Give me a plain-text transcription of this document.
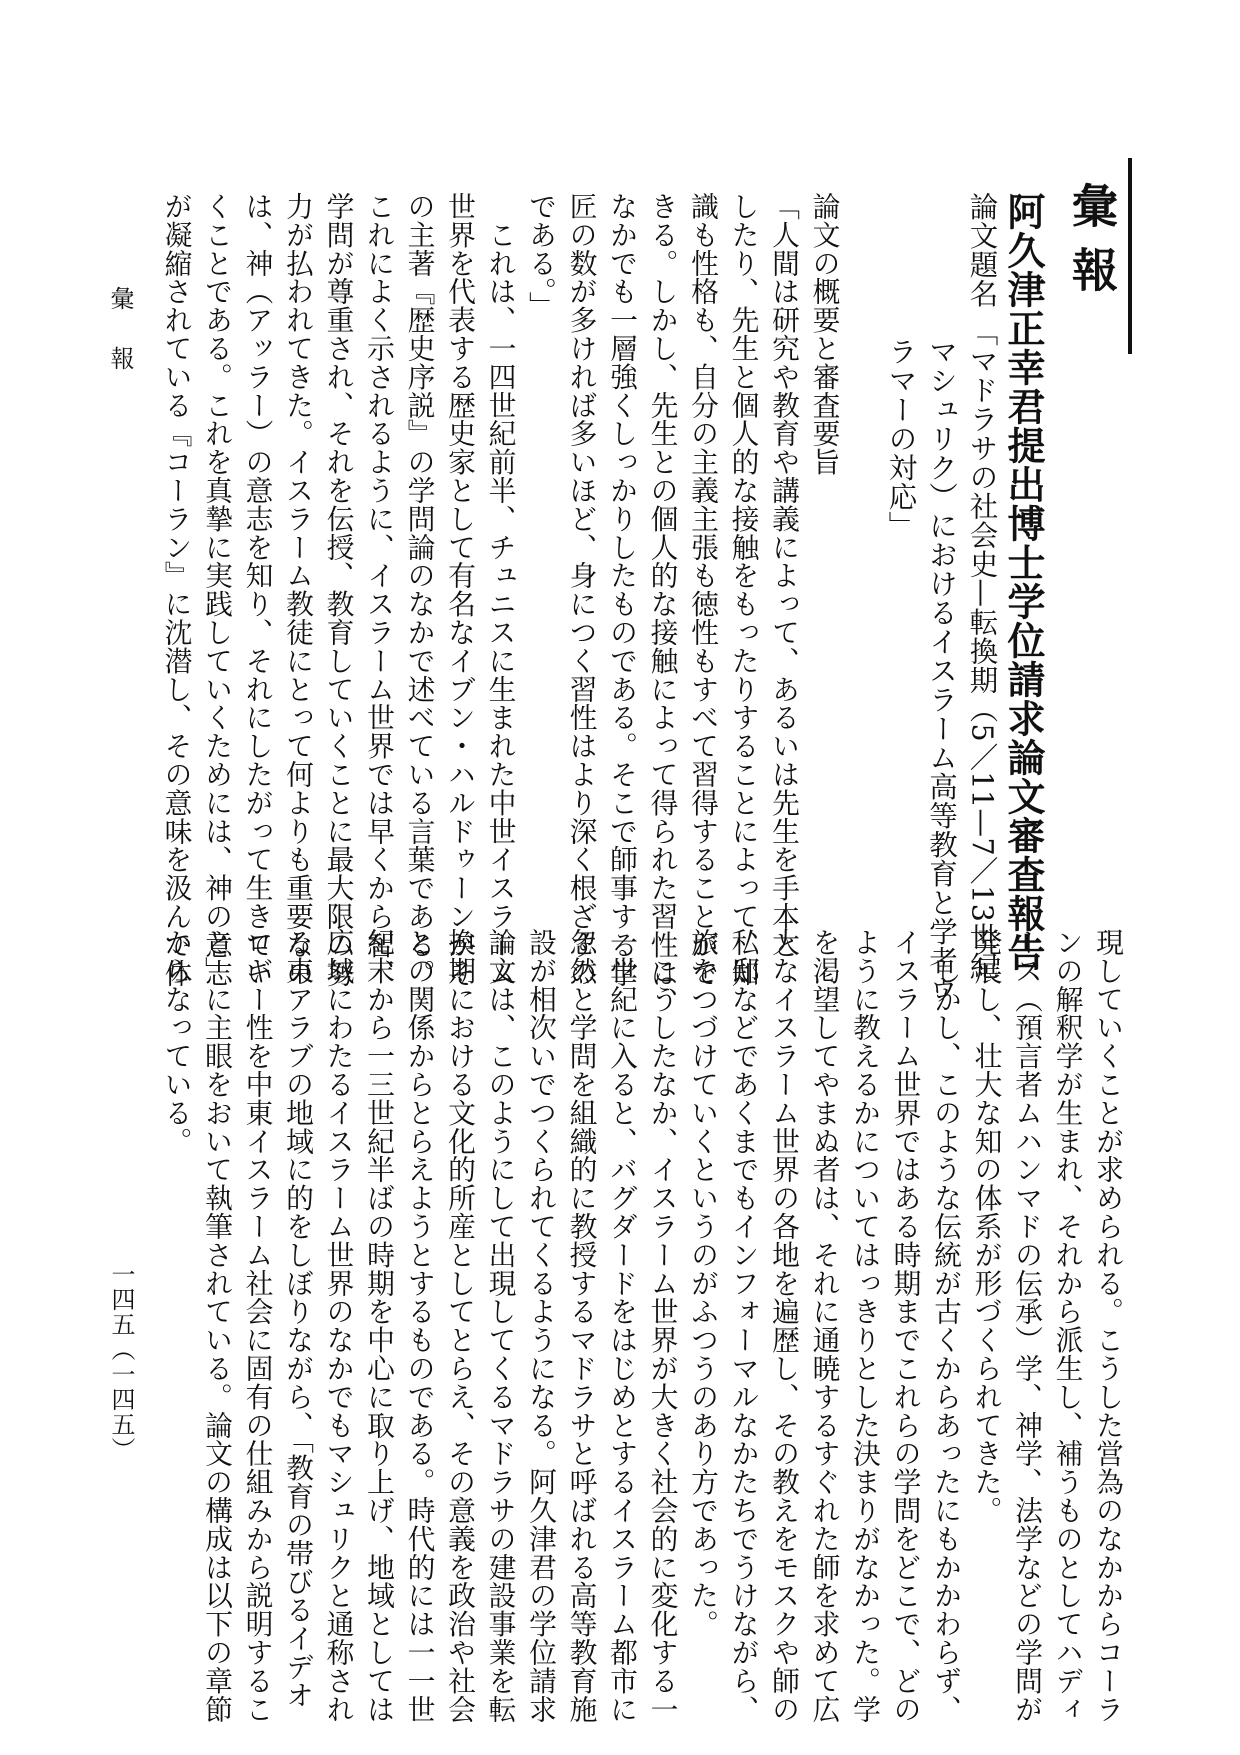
彙報
阿久津正幸君提出博士学位請求論文審査報告
論文題名 「マドラサの社会史—転換期（5／11—7／13世紀
　　　　　マシュリク）におけるイスラーム高等教育と学者ウ
　　　　　ラマーの対応」
論文の概要と審査要旨
「人間は研究や教育や講義によって、あるいは先生を手本と
したり、先生と個人的な接触をもったりすることによって、知
識も性格も、自分の主義主張も徳性もすべて習得することがで
きる。しかし、先生との個人的な接触によって得られた習性は、
なかでも一層強くしっかりしたものである。そこで師事する学
匠の数が多ければ多いほど、身につく習性はより深く根ざすの
である。」
　これは、一四世紀前半、チュニスに生まれた中世イスラーム
世界を代表する歴史家として有名なイブン・ハルドゥーンがそ
の主著『歴史序説』の学問論のなかで述べている言葉である。
これによく示されるように、イスラーム世界では早くから智、
学問が尊重され、それを伝授、教育していくことに最大限の努
力が払われてきた。イスラーム教徒にとって何よりも重要なの
は、神（アッラー）の意志を知り、それにしたがって生きてい
くことである。これを真摯に実践していくためには、神の意志
が凝縮されている『コーラン』に沈潜し、その意味を汲んで体
現していくことが求められる。こうした営為のなかからコーラ
ンの解釈学が生まれ、それから派生し、補うものとしてハディ
ース（預言者ムハンマドの伝承）学、神学、法学などの学問が
発展し、壮大な知の体系が形づくられてきた。
　しかし、このような伝統が古くからあったにもかかわらず、
イスラーム世界ではある時期までこれらの学問をどこで、どの
ように教えるかについてはっきりとした決まりがなかった。学
を渇望してやまぬ者は、それに通暁するすぐれた師を求めて広
大なイスラーム世界の各地を遍歴し、その教えをモスクや師の
私邸などであくまでもインフォーマルなかたちでうけながら、
旅をつづけていくというのがふつうのあり方であった。
　こうしたなか、イスラーム世界が大きく社会的に変化する一
一世紀に入ると、バグダードをはじめとするイスラーム都市に
忽然と学問を組織的に教授するマドラサと呼ばれる高等教育施
設が相次いでつくられてくるようになる。阿久津君の学位請求
論文は、このようにして出現してくるマドラサの建設事業を転
換期における文化的所産としてとらえ、その意義を政治や社会
との関係からとらえようとするものである。時代的には一一世
紀末から一三世紀半ばの時期を中心に取り上げ、地域としては
広域にわたるイスラーム世界のなかでもマシュリクと通称され
る東アラブの地域に的をしぼりながら、「教育の帯びるイデオ
ロギー性を中東イスラーム社会に固有の仕組みから説明するこ
と」に主眼をおいて執筆されている。論文の構成は以下の章節
からなっている。
彙報
一四五（一四五）
